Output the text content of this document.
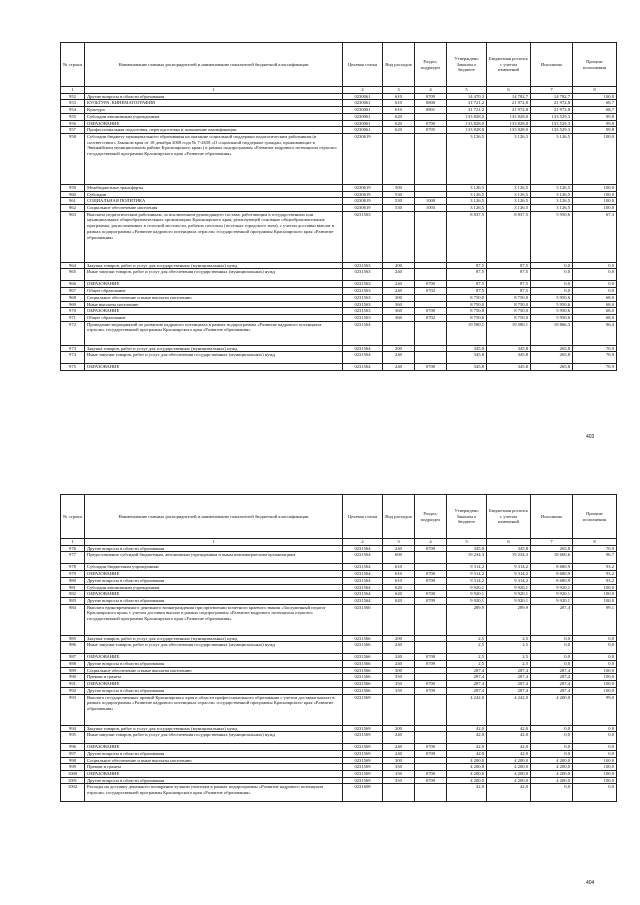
№ строки	Наименование главных распорядителей и наименование показателей бюджетной классификации	Целевая статья	Вид расходов	Раздел, подраздел	Утверждено Законом о бюджете	Бюджетная роспись с учетом изменений	Исполнено	Процент исполнения
1	1	2	3	4	5	6	7	8
952	Другие вопросы в области образования	0230061	610	0709	14 470,3	14 782,7	14 782,7	100,0
953	КУЛЬТУРА, КИНЕМАТОГРАФИЯ	0230061	610	0800	31 721,2	21 972,8	21 972,8	68,7
954	Культура	0230061	610	0801	31 721,2	21 972,8	21 972,8	68,7
955	Субсидии автономным учреждениям	0230061	620		133 828,0	133 828,0	133 529,3	99,8
956	ОБРАЗОВАНИЕ	0230061	620	0700	133 828,0	133 828,0	133 529,3	99,8
957	Профессиональная подготовка, переподготовка и повышение квалификации	0230061	620	0705	133 828,0	133 828,0	133 529,3	99,8
958	Субсидии бюджету муниципального образования на оказание социальной поддержки педагогическим работникам (в соответствии с Законом края от 18 декабря 2008 года № 7-2658 «О социальной поддержке граждан, проживающих в Эвенкийском муниципальном районе Красноярского края») в рамках подпрограммы «Развитие кадрового потенциала отрасли» государственной программы Красноярского края «Развитие образования»	0230619			3 126,5	3 126,5	3 126,5	100,0
959	Межбюджетные трансферты	0230619	500		3 126,5	3 126,5	3 126,5	100,0
960	Субсидии	0230619	530		3 126,5	3 126,5	3 126,5	100,0
961	СОЦИАЛЬНАЯ ПОЛИТИКА	0230619	530	1000	3 126,5	3 126,5	3 126,5	100,0
962	Социальное обеспечение населения	0230619	530	1003	3 126,5	3 126,5	3 126,5	100,0
963	Выплаты педагогическим работникам, за исключением руководящего состава, работающим в государственных или муниципальных общеобразовательных организациях Красноярского края, реализующей основные общеобразовательные программы, расположенных в сельской местности, рабочих поселках (поселках городского типа), с учетом доставки выплат в рамках подпрограммы «Развитие кадрового потенциала отрасли» государственной программы Красноярского края «Развитие образования»	0231563			8 837,5	8 837,5	5 950,6	67,3
964	Закупка товаров, работ и услуг для государственных (муниципальных) нужд	0231563	200		87,5	87,5	0,0	0,0
965	Иные закупки товаров, работ и услуг для обеспечения государственных (муниципальных) нужд	0231563	240		87,5	87,5	0,0	0,0
966	ОБРАЗОВАНИЕ	0231563	240	0700	87,5	87,5	0,0	0,0
967	Общее образование	0231563	240	0702	87,5	87,5	0,0	0,0
968	Социальное обеспечение и иные выплаты населению	0231563	300		8 750,0	8 750,0	5 950,6	68,0
969	Иные выплаты населению	0231563	360		8 750,0	8 750,0	5 950,6	68,0
970	ОБРАЗОВАНИЕ	0231563	360	0700	8 750,0	8 750,0	5 950,6	68,0
971	Общее образование	0231563	360	0702	8 750,0	8 750,0	5 950,6	68,0
972	Проведение мероприятий по развитию кадрового потенциала в рамках подпрограммы «Развитие кадрового потенциала отрасли» государственной программы Красноярского края «Развитие образования»	0231564			19 580,1	19 580,1	18 866,3	96,4
973	Закупка товаров, работ и услуг для государственных (муниципальных) нужд	0231564	200		345,8	345,8	265,8	76,9
974	Иные закупки товаров, работ и услуг для обеспечения государственных (муниципальных) нужд	0231564	240		345,8	345,8	265,8	76,9
975	ОБРАЗОВАНИЕ	0231564	240	0700	345,8	345,8	265,8	76,9
403
№ строки	Наименование главных распорядителей и наименование показателей бюджетной классификации	Целевая статья	Вид расходов	Раздел, подраздел	Утверждено Законом о бюджете	Бюджетная роспись с учетом изменений	Исполнено	Процент исполнения
1	1	2	3	4	5	6	7	8
976	Другие вопросы в области образования	0231564	240	0709	345,8	345,8	265,8	76,9
977	Предоставление субсидий бюджетным, автономным учреждениям и иным некоммерческим организациям	0231564	600		19 234,3	19 234,3	18 600,6	96,7
978	Субсидии бюджетным учреждениям	0231564	610		9 314,2	9 314,2	8 680,9	93,2
979	ОБРАЗОВАНИЕ	0231564	610	0700	9 314,2	9 314,2	8 680,9	93,2
980	Другие вопросы в области образования	0231564	610	0709	9 314,2	9 314,2	8 680,9	93,2
981	Субсидии автономным учреждениям	0231564	620		9 920,1	9 920,1	9 920,1	100,0
982	ОБРАЗОВАНИЕ	0231564	620	0700	9 920,1	9 920,1	9 920,1	100,0
983	Другие вопросы в области образования	0231564	620	0709	9 920,1	9 920,1	9 920,1	100,0
984	Выплата единовременного денежного вознаграждения при присвоении почетного краевого звания «Заслуженный педагог Красноярского края» с учетом доставки выплат в рамках подпрограммы «Развитие кадрового потенциала отрасли» государственной программы Красноярского края «Развитие образования»	0231566			289,9	289,9	287,4	99,1
985	Закупка товаров, работ и услуг для государственных (муниципальных) нужд	0231566	200		2,5	2,5	0,0	0,0
986	Иные закупки товаров, работ и услуг для обеспечения государственных (муниципальных) нужд	0231566	240		2,5	2,5	0,0	0,0
987	ОБРАЗОВАНИЕ	0231566	240	0700	2,5	2,5	0,0	0,0
988	Другие вопросы в области образования	0231566	240	0709	2,5	2,5	0,0	0,0
989	Социальное обеспечение и иные выплаты населению	0231566	300		287,4	287,4	287,4	100,0
990	Премии и гранты	0231566	350		287,4	287,4	287,4	100,0
991	ОБРАЗОВАНИЕ	0231566	350	0700	287,4	287,4	287,4	100,0
992	Другие вопросы в области образования	0231566	350	0709	287,4	287,4	287,4	100,0
993	Выплата государственных премий Красноярского края в области профессионального образования с учетом доставки выплат в рамках подпрограммы «Развитие кадрового потенциала отрасли» государственной программы Красноярского края «Развитие образования»	0231569			4 242,0	4 242,0	4 200,0	99,0
994	Закупка товаров, работ и услуг для государственных (муниципальных) нужд	0231569	200		42,0	42,0	0,0	0,0
995	Иные закупки товаров, работ и услуг для обеспечения государственных (муниципальных) нужд	0231569	240		42,0	42,0	0,0	0,0
996	ОБРАЗОВАНИЕ	0231569	240	0700	42,0	42,0	0,0	0,0
997	Другие вопросы в области образования	0231569	240	0709	42,0	42,0	0,0	0,0
998	Социальное обеспечение и иные выплаты населению	0231569	300		4 200,0	4 200,0	4 200,0	100,0
999	Премии и гранты	0231569	350		4 200,0	4 200,0	4 200,0	100,0
1000	ОБРАЗОВАНИЕ	0231569	350	0700	4 200,0	4 200,0	4 200,0	100,0
1001	Другие вопросы в области образования	0231569	350	0709	4 200,0	4 200,0	4 200,0	100,0
1002	Расходы на доставку денежного поощрения лучшим учителям в рамках подпрограммы «Развитие кадрового потенциала отрасли» государственной программы Красноярского края «Развитие образования»	0231608			42,0	42,0	0,0	0,0
404
